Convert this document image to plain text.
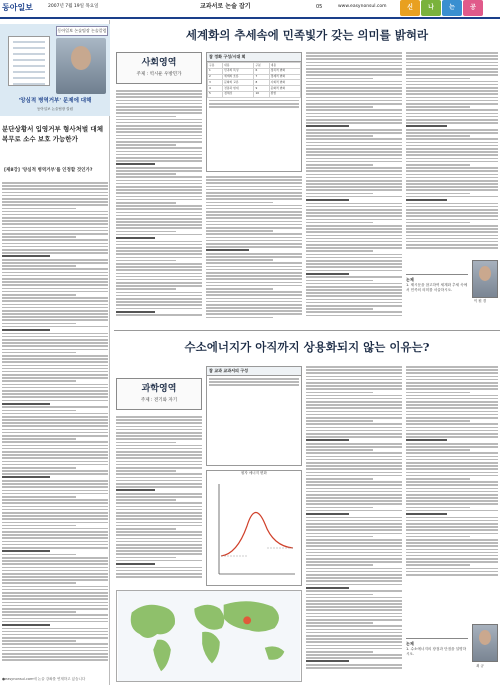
동아일보	2007년 7월 19일 목요일	교과서로 논술 잡기	05	www.easynonsul.com	신	나	는	공
동아일보 논술팀장 논술칼럼
'앙심적 병역거부' 문제에 대해
동아일보 논술팀장 칼럼
분단상황서 입영거부 형사처벌 대체복무로 소수 보호 가능한가
[제8강] '양심적 병역거부'를 인정할 것인가?
●easynonsul.com에 논술 강좌를 연재하고 있습니다
세계화의 추세속에 민족빛가 갖는 의미를 밝혀라
사회영역
주제 : 역시운 우방민가
참 정화 구성/시대 회
구분	내용	구분	내용
1	민족의 특성	6	정치적 변화
2	세계의 흐름	7	경제적 변화
3	문화의 교류	8	사회적 변화
4	전통과 현대	9	문화적 변화
5	정체성	10	종합
이 원 경
논제
1. 제시문을 참고하여 세계화 추세 속에서 민족의 의미를 서술하시오.
수소에너지가 아직까지 상용화되지 않는 이유는?
과학영역
주제 : 전기와 자기
참 교과 교과서의 구성
원자 에너지 변화
최 규
논제
1. 수소에너지의 장점과 단점을 설명하시오.
